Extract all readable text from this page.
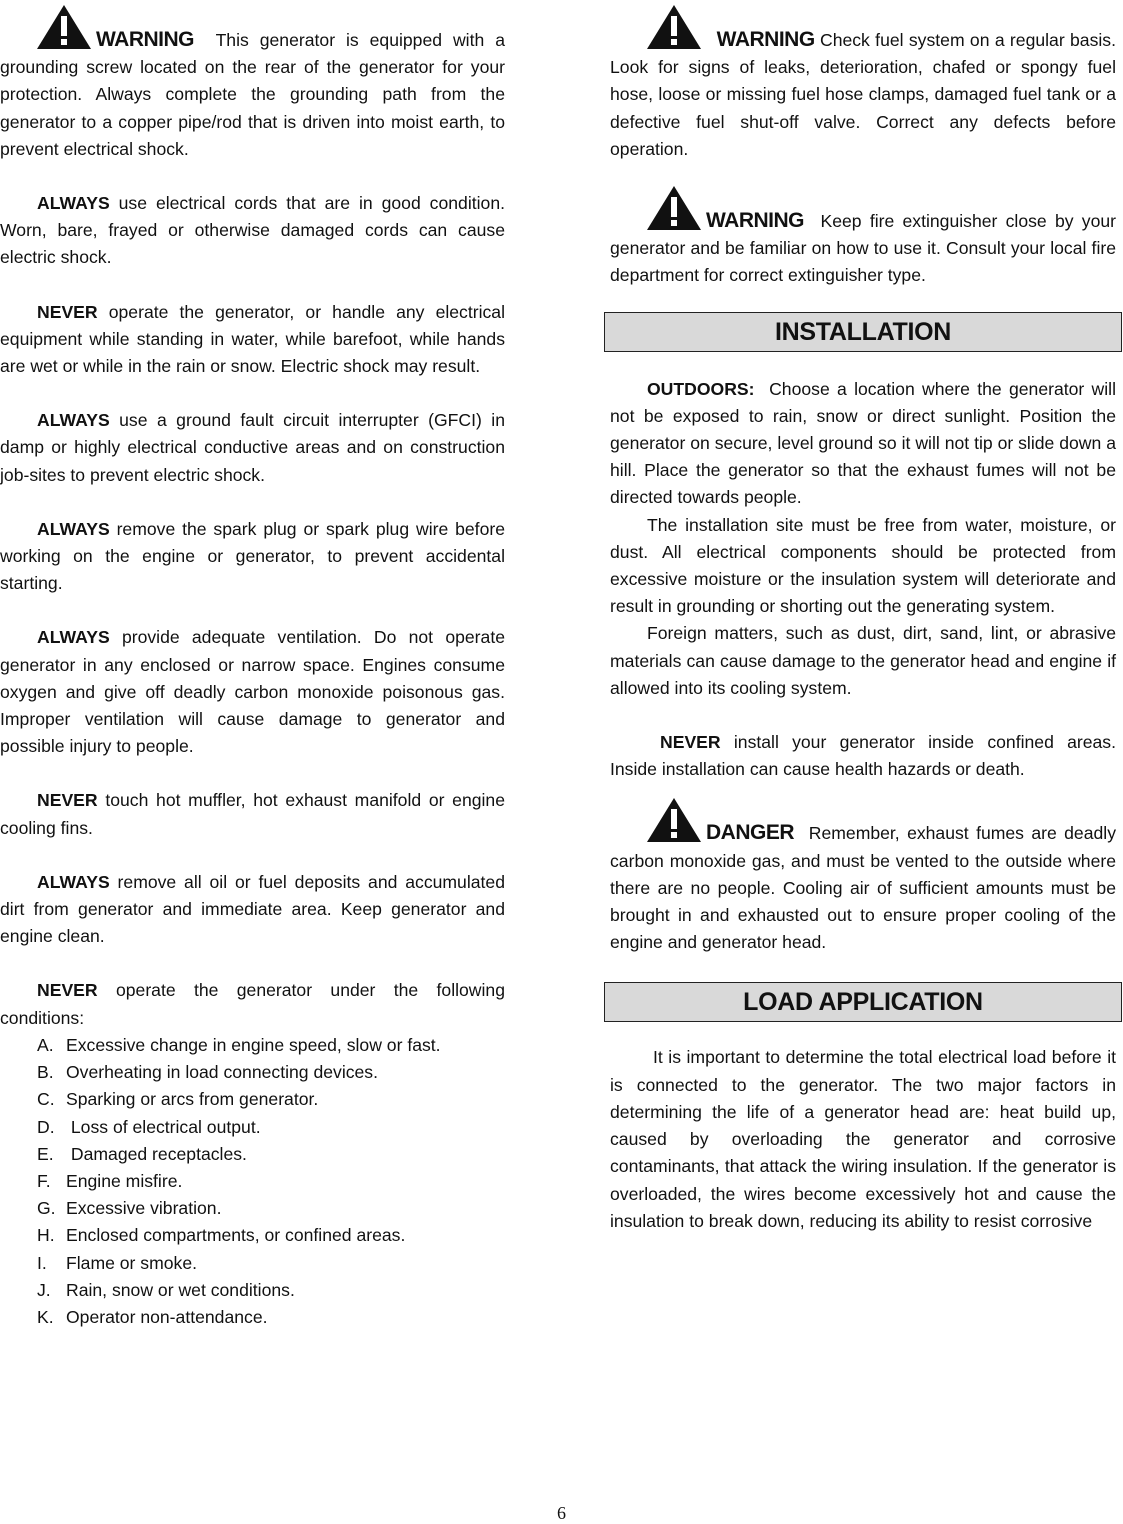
WARNING This generator is equipped with a grounding screw located on the rear of the generator for your protection. Always complete the grounding path from the generator to a copper pipe/rod that is driven into moist earth, to prevent electrical shock.

ALWAYS use electrical cords that are in good condition. Worn, bare, frayed or otherwise damaged cords can cause electric shock.

NEVER operate the generator, or handle any electrical equipment while standing in water, while barefoot, while hands are wet or while in the rain or snow. Electric shock may result.

ALWAYS use a ground fault circuit interrupter (GFCI) in damp or highly electrical conductive areas and on construction job-sites to prevent electric shock.

ALWAYS remove the spark plug or spark plug wire before working on the engine or generator, to prevent accidental starting.

ALWAYS provide adequate ventilation. Do not operate generator in any enclosed or narrow space. Engines consume oxygen and give off deadly carbon monoxide poisonous gas. Improper ventilation will cause damage to generator and possible injury to people.

NEVER touch hot muffler, hot exhaust manifold or engine cooling fins.

ALWAYS remove all oil or fuel deposits and accumulated dirt from generator and immediate area. Keep generator and engine clean.

NEVER operate the generator under the following conditions:

A. Excessive change in engine speed, slow or fast.
B. Overheating in load connecting devices.
C. Sparking or arcs from generator.
D. Loss of electrical output.
E. Damaged receptacles.
F. Engine misfire.
G. Excessive vibration.
H. Enclosed compartments, or confined areas.
I. Flame or smoke.
J. Rain, snow or wet conditions.
K. Operator non-attendance.

WARNING Check fuel system on a regular basis. Look for signs of leaks, deterioration, chafed or spongy fuel hose, loose or missing fuel hose clamps, damaged fuel tank or a defective fuel shut-off valve. Correct any defects before operation.

WARNING Keep fire extinguisher close by your generator and be familiar on how to use it. Consult your local fire department for correct extinguisher type.

INSTALLATION

OUTDOORS: Choose a location where the generator will not be exposed to rain, snow or direct sunlight. Position the generator on secure, level ground so it will not tip or slide down a hill. Place the generator so that the exhaust fumes will not be directed towards people.

The installation site must be free from water, moisture, or dust. All electrical components should be protected from excessive moisture or the insulation system will deteriorate and result in grounding or shorting out the generating system.

Foreign matters, such as dust, dirt, sand, lint, or abrasive materials can cause damage to the generator head and engine if allowed into its cooling system.

NEVER install your generator inside confined areas. Inside installation can cause health hazards or death.

DANGER Remember, exhaust fumes are deadly carbon monoxide gas, and must be vented to the outside where there are no people. Cooling air of sufficient amounts must be brought in and exhausted out to ensure proper cooling of the engine and generator head.

LOAD APPLICATION

It is important to determine the total electrical load before it is connected to the generator. The two major factors in determining the life of a generator head are: heat build up, caused by overloading the generator and corrosive contaminants, that attack the wiring insulation. If the generator is overloaded, the wires become excessively hot and cause the insulation to break down, reducing its ability to resist corrosive

6
